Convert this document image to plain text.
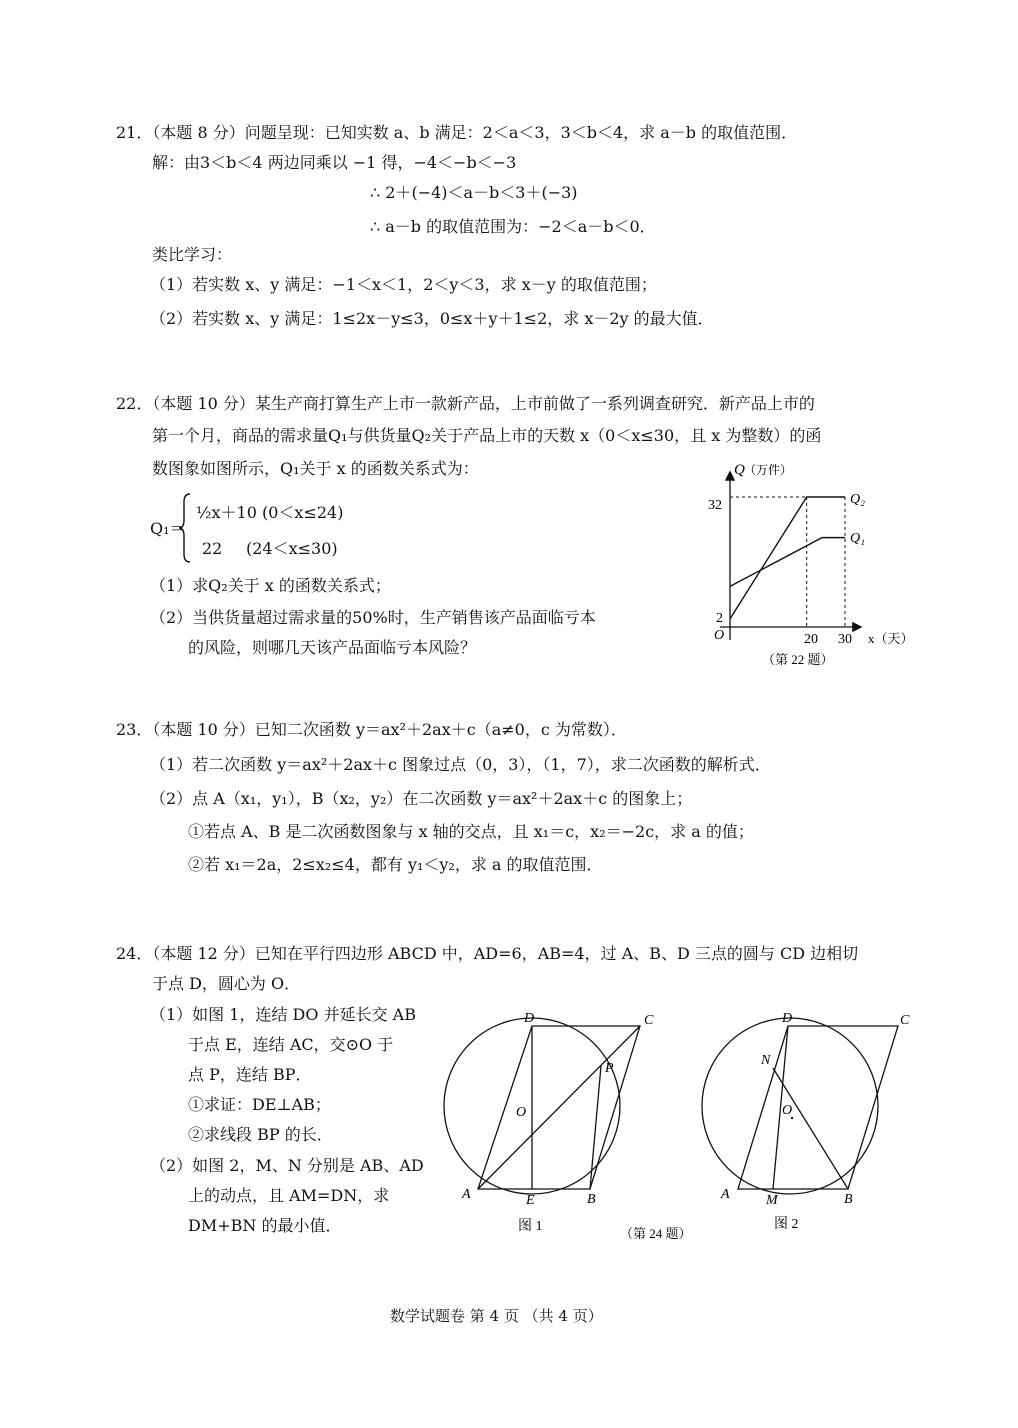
21．（本题 8 分）问题呈现：已知实数 a、b 满足：2＜a＜3，3＜b＜4，求 a－b 的取值范围．
解：由3＜b＜4 两边同乘以 −1 得，−4＜−b＜−3
∴ 2＋(−4)＜a－b＜3＋(−3)
∴ a－b 的取值范围为：−2＜a－b＜0．
类比学习：
（1）若实数 x、y 满足：−1＜x＜1，2＜y＜3，求 x－y 的取值范围；
（2）若实数 x、y 满足：1≤2x－y≤3，0≤x＋y＋1≤2，求 x－2y 的最大值．
22．（本题 10 分）某生产商打算生产上市一款新产品，上市前做了一系列调查研究．新产品上市的
第一个月，商品的需求量Q₁与供货量Q₂关于产品上市的天数 x（0＜x≤30，且 x 为整数）的函
数图象如图所示，Q₁关于 x 的函数关系式为：
Q₁＝
½x＋10 (0＜x≤24)
22 (24＜x≤30)
（1）求Q₂关于 x 的函数关系式；
（2）当供货量超过需求量的50%时，生产销售该产品面临亏本
的风险，则哪几天该产品面临亏本风险？
Q （万件）
O
32
2
20 30 x（天）
Q₂
Q₁
（第 22 题）
23．（本题 10 分）已知二次函数 y＝ax²＋2ax＋c（a≠0，c 为常数）．
（1）若二次函数 y＝ax²＋2ax＋c 图象过点（0，3），（1，7），求二次函数的解析式．
（2）点 A（x₁，y₁），B（x₂，y₂）在二次函数 y＝ax²＋2ax＋c 的图象上；
①若点 A、B 是二次函数图象与 x 轴的交点，且 x₁＝c，x₂＝−2c，求 a 的值；
②若 x₁＝2a，2≤x₂≤4，都有 y₁＜y₂，求 a 的取值范围．
24．（本题 12 分）已知在平行四边形 ABCD 中，AD=6，AB=4，过 A、B、D 三点的圆与 CD 边相切
于点 D，圆心为 O．
（1）如图 1，连结 DO 并延长交 AB
于点 E，连结 AC，交⊙O 于
点 P，连结 BP．
①求证：DE⊥AB；
②求线段 BP 的长．
（2）如图 2，M、N 分别是 AB、AD
上的动点，且 AM=DN，求
DM+BN 的最小值．
D	C
P
O
A	E	B
图 1
D	C
N
O
A	M	B
图 2
（第 24 题）
数学试题卷 第 4 页 （共 4 页）
